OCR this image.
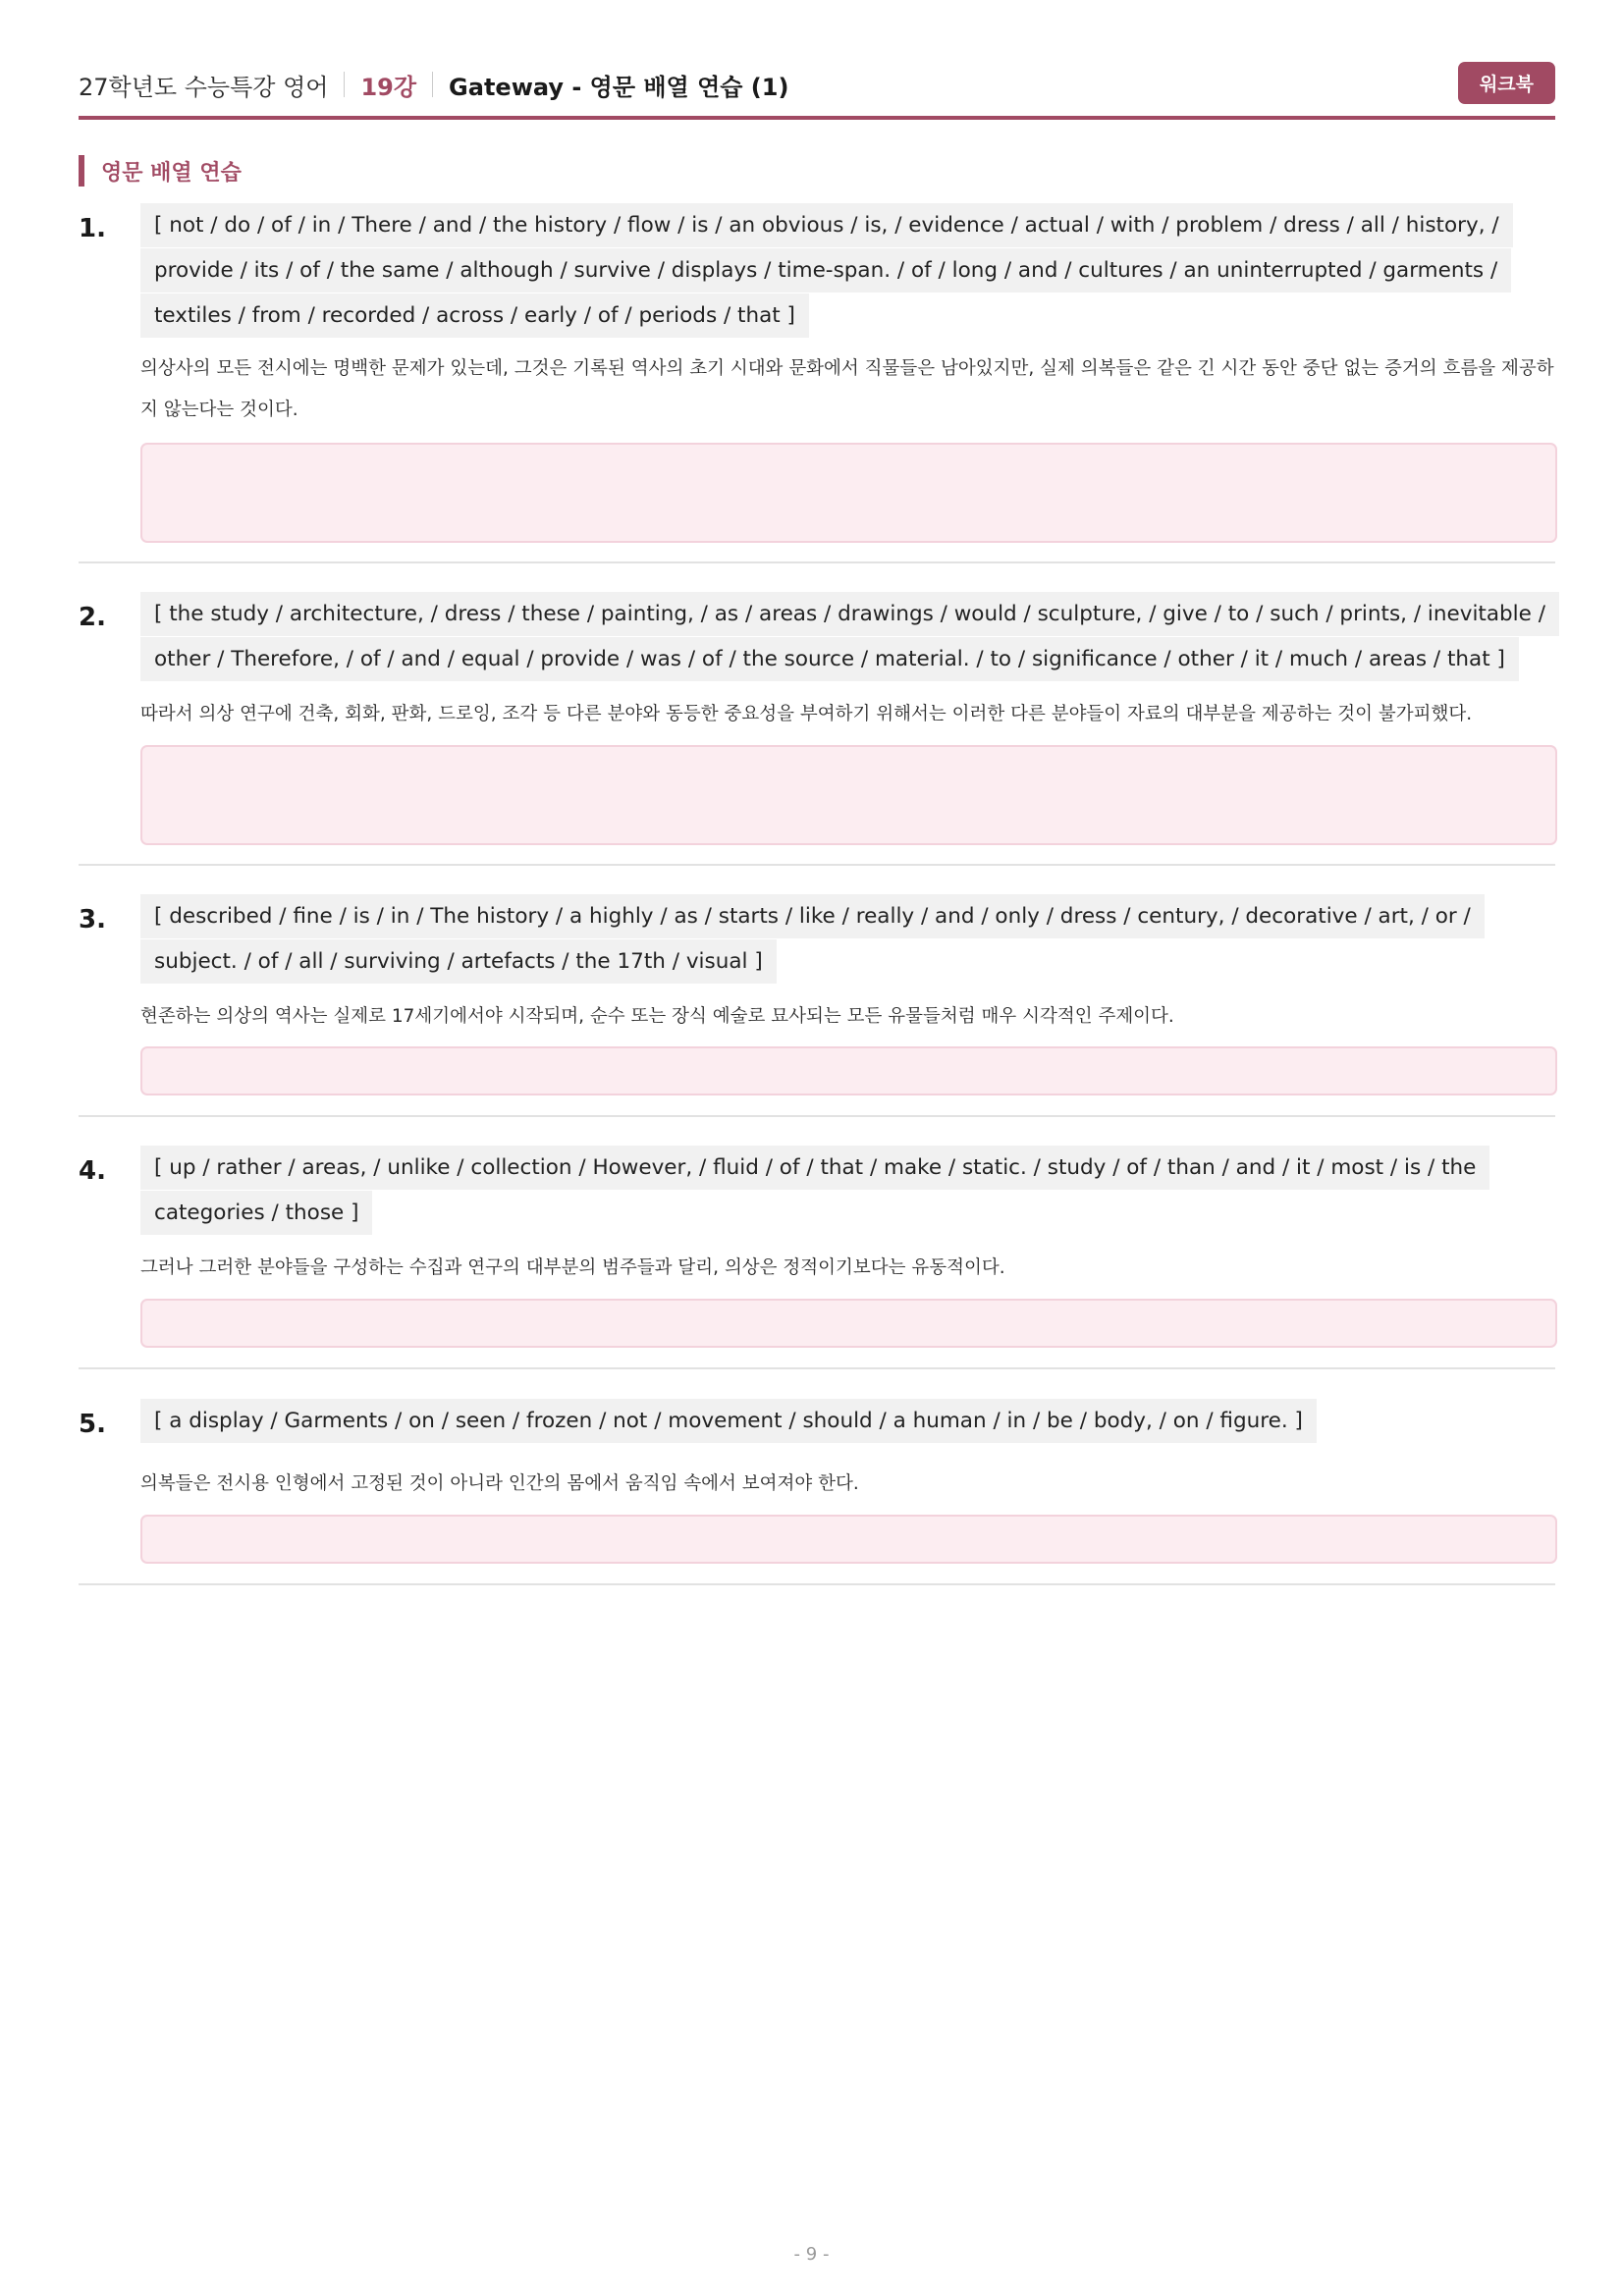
27학년도 수능특강 영어 19강 Gateway - 영문 배열 연습 (1)	워크북
영문 배열 연습
1.	[ not / do / of / in / There / and / the history / flow / is / an obvious / is, / evidence / actual / with / problem / dress / all / history, / provide / its / of / the same / although / survive / displays / time-span. / of / long / and / cultures / an uninterrupted / garments / textiles / from / recorded / across / early / of / periods / that ]
의상사의 모든 전시에는 명백한 문제가 있는데, 그것은 기록된 역사의 초기 시대와 문화에서 직물들은 남아있지만, 실제 의복들은 같은 긴 시간 동안 중단 없는 증거의 흐름을 제공하지 않는다는 것이다.
2.	[ the study / architecture, / dress / these / painting, / as / areas / drawings / would / sculpture, / give / to / such / prints, / inevitable / other / Therefore, / of / and / equal / provide / was / of / the source / material. / to / significance / other / it / much / areas / that ]
따라서 의상 연구에 건축, 회화, 판화, 드로잉, 조각 등 다른 분야와 동등한 중요성을 부여하기 위해서는 이러한 다른 분야들이 자료의 대부분을 제공하는 것이 불가피했다.
3.	[ described / fine / is / in / The history / a highly / as / starts / like / really / and / only / dress / century, / decorative / art, / or / subject. / of / all / surviving / artefacts / the 17th / visual ]
현존하는 의상의 역사는 실제로 17세기에서야 시작되며, 순수 또는 장식 예술로 묘사되는 모든 유물들처럼 매우 시각적인 주제이다.
4.	[ up / rather / areas, / unlike / collection / However, / fluid / of / that / make / static. / study / of / than / and / it / most / is / the categories / those ]
그러나 그러한 분야들을 구성하는 수집과 연구의 대부분의 범주들과 달리, 의상은 정적이기보다는 유동적이다.
5.	[ a display / Garments / on / seen / frozen / not / movement / should / a human / in / be / body, / on / figure. ]
의복들은 전시용 인형에서 고정된 것이 아니라 인간의 몸에서 움직임 속에서 보여져야 한다.
- 9 -
